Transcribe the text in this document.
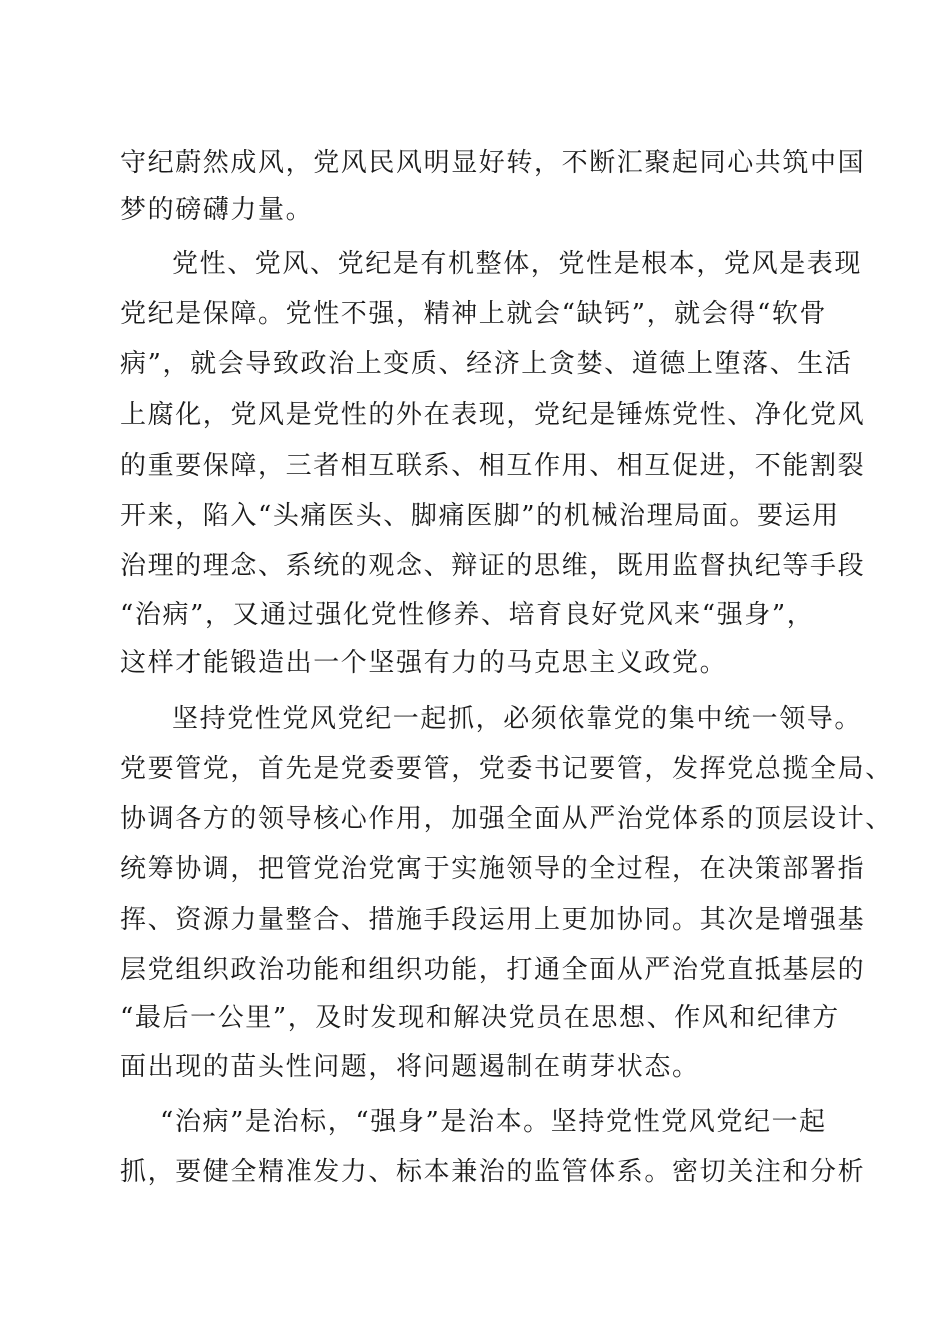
守纪蔚然成风，党风民风明显好转，不断汇聚起同心共筑中国
梦的磅礴力量。
党性、党风、党纪是有机整体，党性是根本，党风是表现
党纪是保障。党性不强，精神上就会“缺钙”，就会得“软骨
病”，就会导致政治上变质、经济上贪婪、道德上堕落、生活
上腐化，党风是党性的外在表现，党纪是锤炼党性、净化党风
的重要保障，三者相互联系、相互作用、相互促进，不能割裂
开来，陷入“头痛医头、脚痛医脚”的机械治理局面。要运用
治理的理念、系统的观念、辩证的思维，既用监督执纪等手段
“治病”，又通过强化党性修养、培育良好党风来“强身”，
这样才能锻造出一个坚强有力的马克思主义政党。
坚持党性党风党纪一起抓，必须依靠党的集中统一领导。
党要管党，首先是党委要管，党委书记要管，发挥党总揽全局、
协调各方的领导核心作用，加强全面从严治党体系的顶层设计、
统筹协调，把管党治党寓于实施领导的全过程，在决策部署指
挥、资源力量整合、措施手段运用上更加协同。其次是增强基
层党组织政治功能和组织功能，打通全面从严治党直抵基层的
“最后一公里”，及时发现和解决党员在思想、作风和纪律方
面出现的苗头性问题，将问题遏制在萌芽状态。
“治病”是治标，“强身”是治本。坚持党性党风党纪一起
抓，要健全精准发力、标本兼治的监管体系。密切关注和分析
